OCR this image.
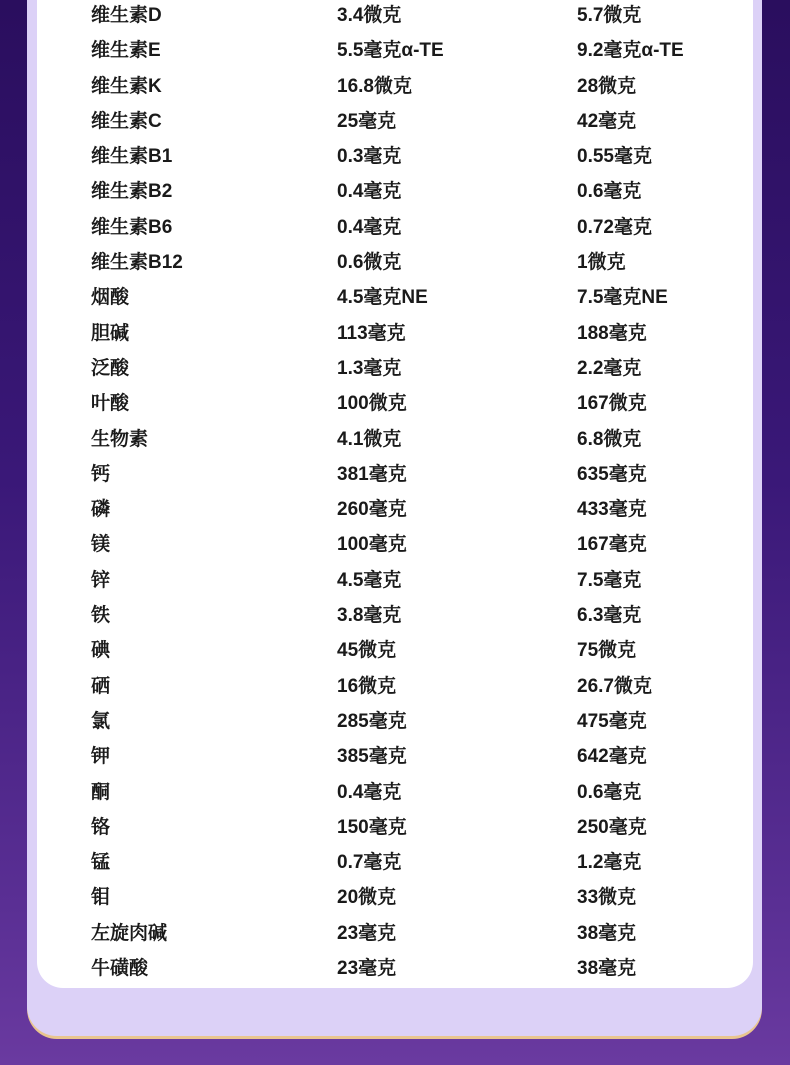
维生素D	3.4微克	5.7微克
维生素E	5.5毫克α-TE	9.2毫克α-TE
维生素K	16.8微克	28微克
维生素C	25毫克	42毫克
维生素B1	0.3毫克	0.55毫克
维生素B2	0.4毫克	0.6毫克
维生素B6	0.4毫克	0.72毫克
维生素B12	0.6微克	1微克
烟酸	4.5毫克NE	7.5毫克NE
胆碱	113毫克	188毫克
泛酸	1.3毫克	2.2毫克
叶酸	100微克	167微克
生物素	4.1微克	6.8微克
钙	381毫克	635毫克
磷	260毫克	433毫克
镁	100毫克	167毫克
锌	4.5毫克	7.5毫克
铁	3.8毫克	6.3毫克
碘	45微克	75微克
硒	16微克	26.7微克
氯	285毫克	475毫克
钾	385毫克	642毫克
酮	0.4毫克	0.6毫克
铬	150毫克	250毫克
锰	0.7毫克	1.2毫克
钼	20微克	33微克
左旋肉碱	23毫克	38毫克
牛磺酸	23毫克	38毫克
